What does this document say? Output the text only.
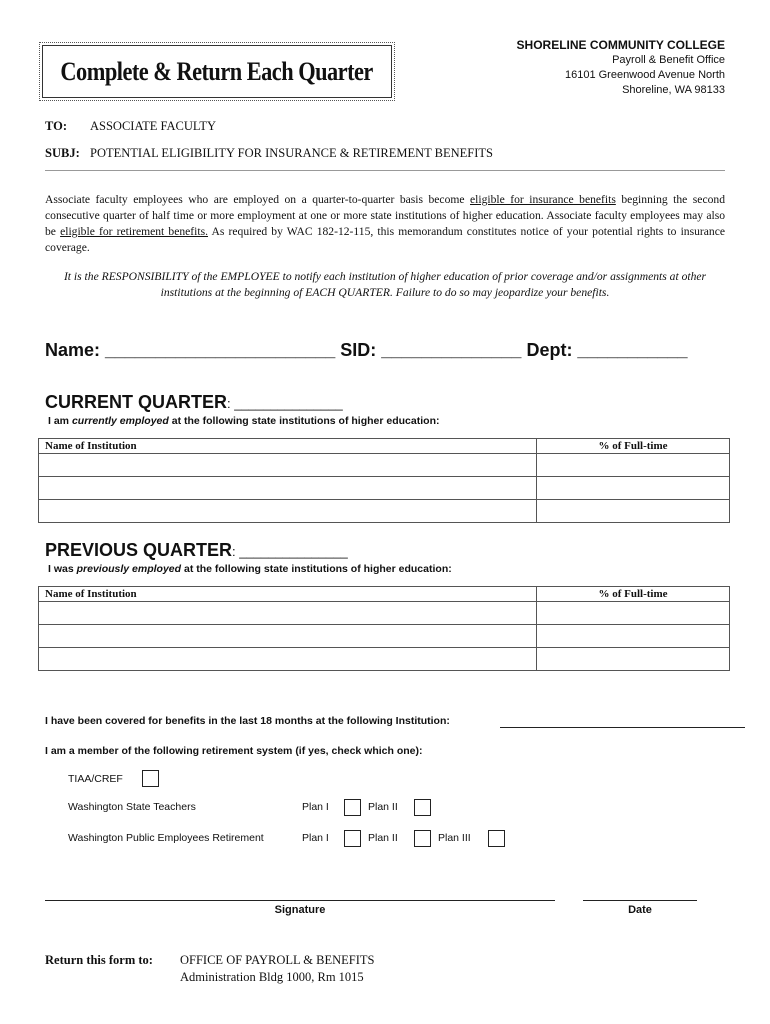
Complete & Return Each Quarter
SHORELINE COMMUNITY COLLEGE
Payroll & Benefit Office
16101 Greenwood Avenue North
Shoreline, WA 98133
TO: ASSOCIATE FACULTY
SUBJ: POTENTIAL ELIGIBILITY FOR INSURANCE & RETIREMENT BENEFITS
Associate faculty employees who are employed on a quarter-to-quarter basis become eligible for insurance benefits beginning the second consecutive quarter of half time or more employment at one or more state institutions of higher education. Associate faculty employees may also be eligible for retirement benefits. As required by WAC 182-12-115, this memorandum constitutes notice of your potential rights to insurance coverage.
It is the RESPONSIBILITY of the EMPLOYEE to notify each institution of higher education of prior coverage and/or assignments at other institutions at the beginning of EACH QUARTER. Failure to do so may jeopardize your benefits.
Name: _______________________ SID: ______________ Dept: ___________
CURRENT QUARTER: _______________
I am currently employed at the following state institutions of higher education:
Name of Institution	% of Full-time

PREVIOUS QUARTER: _______________
I was previously employed at the following state institutions of higher education:
Name of Institution	% of Full-time

I have been covered for benefits in the last 18 months at the following Institution:
I am a member of the following retirement system (if yes, check which one):
TIAA/CREF
Washington State Teachers	Plan I	Plan II
Washington Public Employees Retirement	Plan I	Plan II	Plan III
Signature	Date
Return this form to: OFFICE OF PAYROLL & BENEFITS
Administration Bldg 1000, Rm 1015
